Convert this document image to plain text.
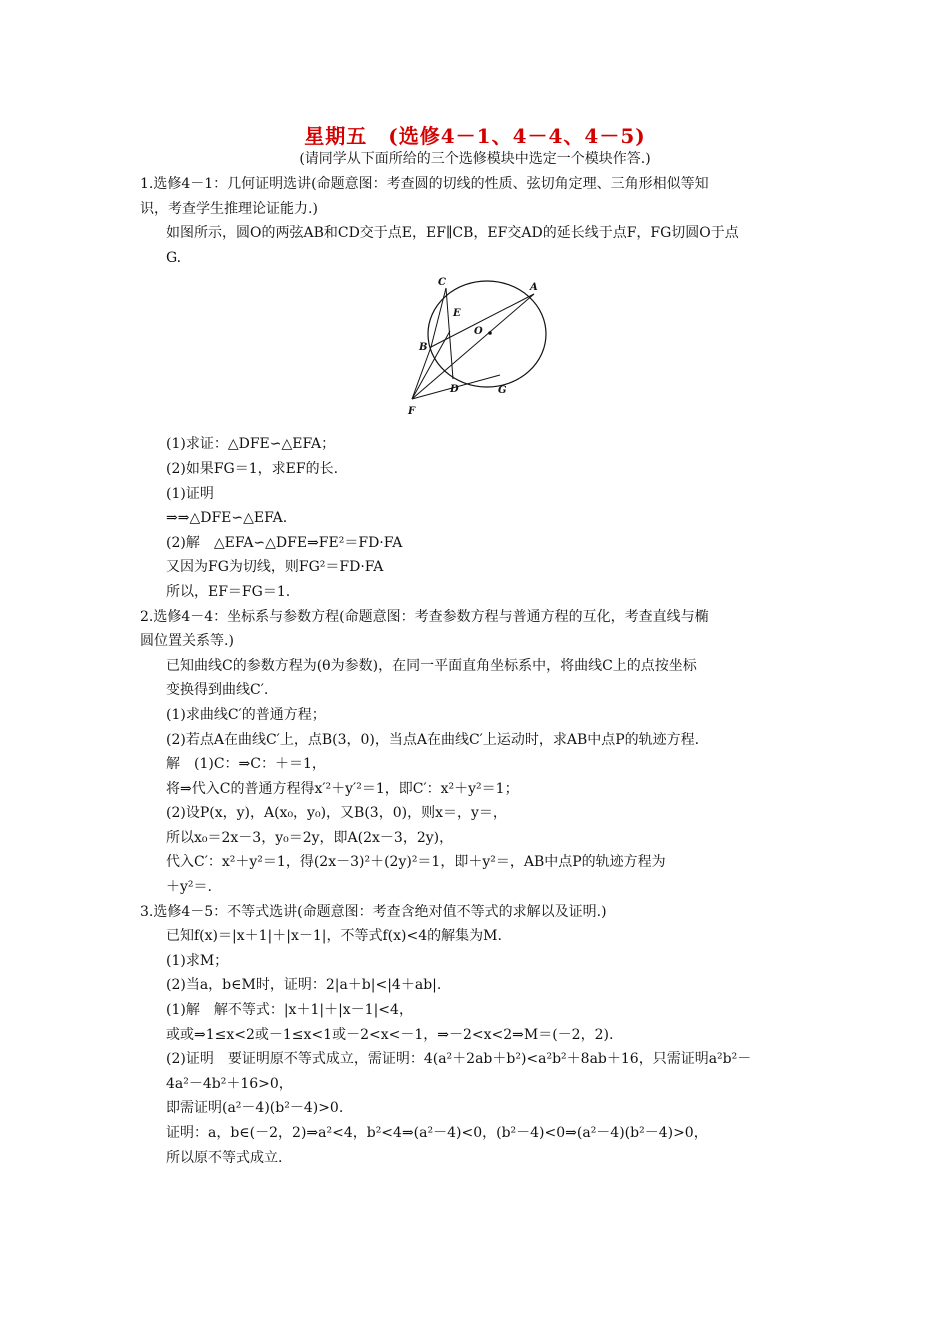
星期五　(选修4－1、4－4、4－5)
(请同学从下面所给的三个选修模块中选定一个模块作答.)
1.选修4－1：几何证明选讲(命题意图：考查圆的切线的性质、弦切角定理、三角形相似等知
识，考查学生推理论证能力.)
如图所示，圆O的两弦AB和CD交于点E，EF∥CB，EF交AD的延长线于点F，FG切圆O于点
G.
C	A
E
O
B
D	G
F
(1)求证：△DFE∽△EFA；
(2)如果FG＝1，求EF的长.
(1)证明
⇒⇒△DFE∽△EFA.
(2)解　△EFA∽△DFE⇒FE²＝FD·FA
又因为FG为切线，则FG²＝FD·FA
所以，EF＝FG＝1.
2.选修4－4：坐标系与参数方程(命题意图：考查参数方程与普通方程的互化，考查直线与椭
圆位置关系等.)
已知曲线C的参数方程为(θ为参数)，在同一平面直角坐标系中，将曲线C上的点按坐标
变换得到曲线C′.
(1)求曲线C′的普通方程；
(2)若点A在曲线C′上，点B(3，0)，当点A在曲线C′上运动时，求AB中点P的轨迹方程.
解　(1)C：⇒C：＋＝1，
将⇒代入C的普通方程得x′²＋y′²＝1，即C′：x²＋y²＝1；
(2)设P(x，y)，A(x₀，y₀)，又B(3，0)，则x＝，y＝，
所以x₀＝2x－3，y₀＝2y，即A(2x－3，2y)，
代入C′：x²＋y²＝1，得(2x－3)²＋(2y)²＝1，即＋y²＝，AB中点P的轨迹方程为
＋y²＝.
3.选修4－5：不等式选讲(命题意图：考查含绝对值不等式的求解以及证明.)
已知f(x)＝|x＋1|＋|x－1|，不等式f(x)<4的解集为M.
(1)求M；
(2)当a，b∈M时，证明：2|a＋b|<|4＋ab|.
(1)解　解不等式：|x＋1|＋|x－1|<4，
或或⇒1≤x<2或－1≤x<1或－2<x<－1，⇒－2<x<2⇒M＝(－2，2).
(2)证明　要证明原不等式成立，需证明：4(a²＋2ab＋b²)<a²b²＋8ab＋16，只需证明a²b²－
4a²－4b²＋16>0，
即需证明(a²－4)(b²－4)>0.
证明：a，b∈(－2，2)⇒a²<4，b²<4⇒(a²－4)<0，(b²－4)<0⇒(a²－4)(b²－4)>0，
所以原不等式成立.
